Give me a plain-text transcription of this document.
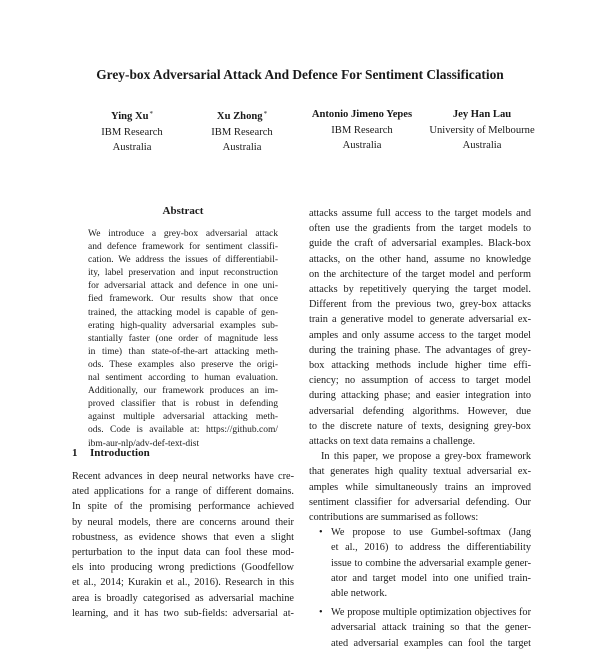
Grey-box Adversarial Attack And Defence For Sentiment Classification
Ying Xu*
IBM Research
Australia
Xu Zhong*
IBM Research
Australia
Antonio Jimeno Yepes
IBM Research
Australia
Jey Han Lau
University of Melbourne
Australia
Abstract
We introduce a grey-box adversarial attack
and defence framework for sentiment classifi-
cation. We address the issues of differentiabil-
ity, label preservation and input reconstruction
for adversarial attack and defence in one uni-
fied framework. Our results show that once
trained, the attacking model is capable of gen-
erating high-quality adversarial examples sub-
stantially faster (one order of magnitude less
in time) than state-of-the-art attacking meth-
ods. These examples also preserve the origi-
nal sentiment according to human evaluation.
Additionally, our framework produces an im-
proved classifier that is robust in defending
against multiple adversarial attacking meth-
ods. Code is available at: https://github.com/
ibm-aur-nlp/adv-def-text-dist
1 Introduction
Recent advances in deep neural networks have cre-
ated applications for a range of different domains.
In spite of the promising performance achieved
by neural models, there are concerns around their
robustness, as evidence shows that even a slight
perturbation to the input data can fool these mod-
els into producing wrong predictions (Goodfellow
et al., 2014; Kurakin et al., 2016). Research in this
area is broadly categorised as adversarial machine
learning, and it has two sub-fields: adversarial at-
attacks assume full access to the target models and
often use the gradients from the target models to
guide the craft of adversarial examples. Black-box
attacks, on the other hand, assume no knowledge
on the architecture of the target model and perform
attacks by repetitively querying the target model.
Different from the previous two, grey-box attacks
train a generative model to generate adversarial ex-
amples and only assume access to the target model
during the training phase. The advantages of grey-
box attacking methods include higher time effi-
ciency; no assumption of access to target model
during attacking phase; and easier integration into
adversarial defending algorithms. However, due
to the discrete nature of texts, designing grey-box
attacks on text data remains a challenge.
In this paper, we propose a grey-box framework
that generates high quality textual adversarial ex-
amples while simultaneously trains an improved
sentiment classifier for adversarial defending. Our
contributions are summarised as follows:
• We propose to use Gumbel-softmax (Jang
et al., 2016) to address the differentiability
issue to combine the adversarial example gener-
ator and target model into one unified train-
able network.
• We propose multiple optimization objectives for
adversarial attack training so that the gener-
ated adversarial examples can fool the target
